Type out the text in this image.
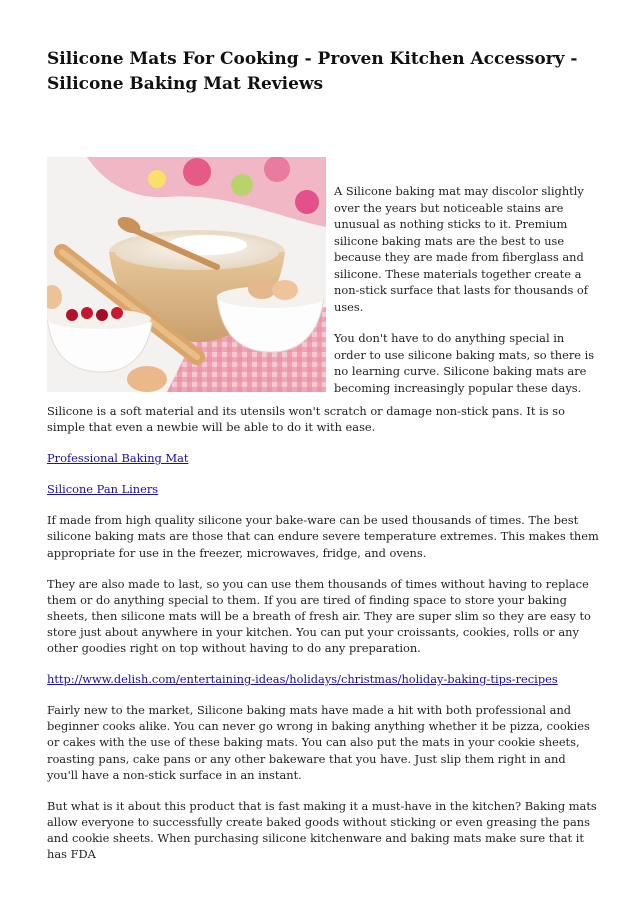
Silicone Mats For Cooking - Proven Kitchen Accessory - Silicone Baking Mat Reviews

A Silicone baking mat may discolor slightly over the years but noticeable stains are unusual as nothing sticks to it. Premium silicone baking mats are the best to use because they are made from fiberglass and silicone. These materials together create a non-stick surface that lasts for thousands of uses.

You don't have to do anything special in order to use silicone baking mats, so there is no learning curve. Silicone baking mats are becoming increasingly popular these days.

Silicone is a soft material and its utensils won't scratch or damage non-stick pans. It is so simple that even a newbie will be able to do it with ease.

Professional Baking Mat

Silicone Pan Liners

If made from high quality silicone your bake-ware can be used thousands of times. The best silicone baking mats are those that can endure severe temperature extremes. This makes them appropriate for use in the freezer, microwaves, fridge, and ovens.

They are also made to last, so you can use them thousands of times without having to replace them or do anything special to them. If you are tired of finding space to store your baking sheets, then silicone mats will be a breath of fresh air. They are super slim so they are easy to store just about anywhere in your kitchen. You can put your croissants, cookies, rolls or any other goodies right on top without having to do any preparation.

http://www.delish.com/entertaining-ideas/holidays/christmas/holiday-baking-tips-recipes

Fairly new to the market, Silicone baking mats have made a hit with both professional and beginner cooks alike. You can never go wrong in baking anything whether it be pizza, cookies or cakes with the use of these baking mats. You can also put the mats in your cookie sheets, roasting pans, cake pans or any other bakeware that you have. Just slip them right in and you'll have a non-stick surface in an instant.

But what is it about this product that is fast making it a must-have in the kitchen? Baking mats allow everyone to successfully create baked goods without sticking or even greasing the pans and cookie sheets. When purchasing silicone kitchenware and baking mats make sure that it has FDA
